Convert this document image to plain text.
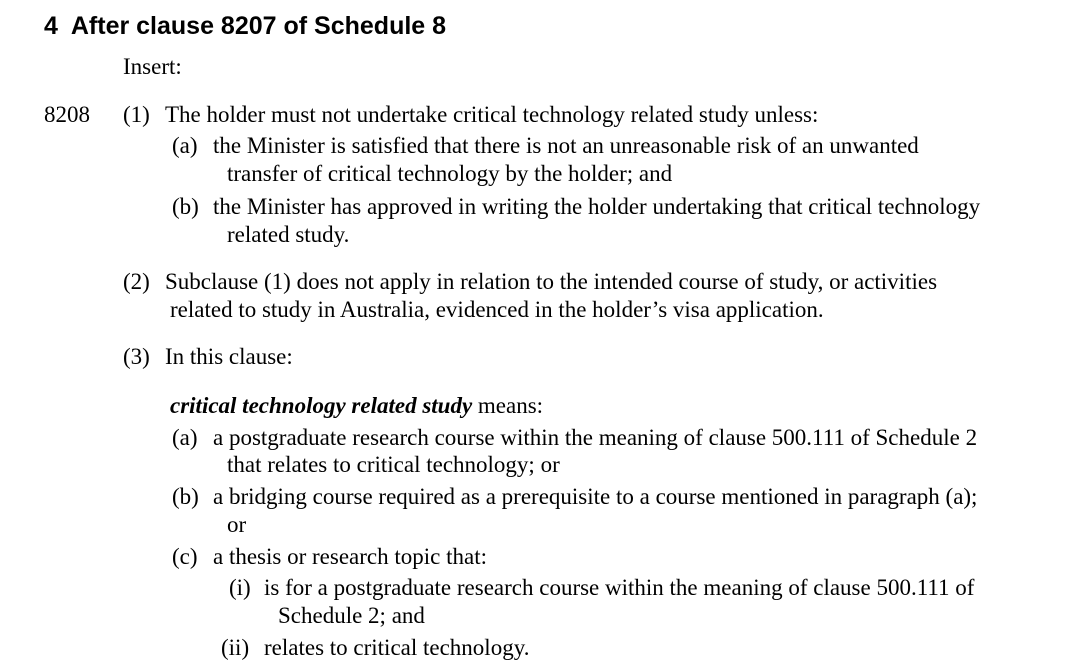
4 After clause 8207 of Schedule 8
Insert:
8208 (1) The holder must not undertake critical technology related study unless:
(a) the Minister is satisfied that there is not an unreasonable risk of an unwanted
transfer of critical technology by the holder; and
(b) the Minister has approved in writing the holder undertaking that critical technology
related study.
(2) Subclause (1) does not apply in relation to the intended course of study, or activities
related to study in Australia, evidenced in the holder’s visa application.
(3) In this clause:
critical technology related study means:
(a) a postgraduate research course within the meaning of clause 500.111 of Schedule 2
that relates to critical technology; or
(b) a bridging course required as a prerequisite to a course mentioned in paragraph (a);
or
(c) a thesis or research topic that:
(i) is for a postgraduate research course within the meaning of clause 500.111 of
Schedule 2; and
(ii) relates to critical technology.
